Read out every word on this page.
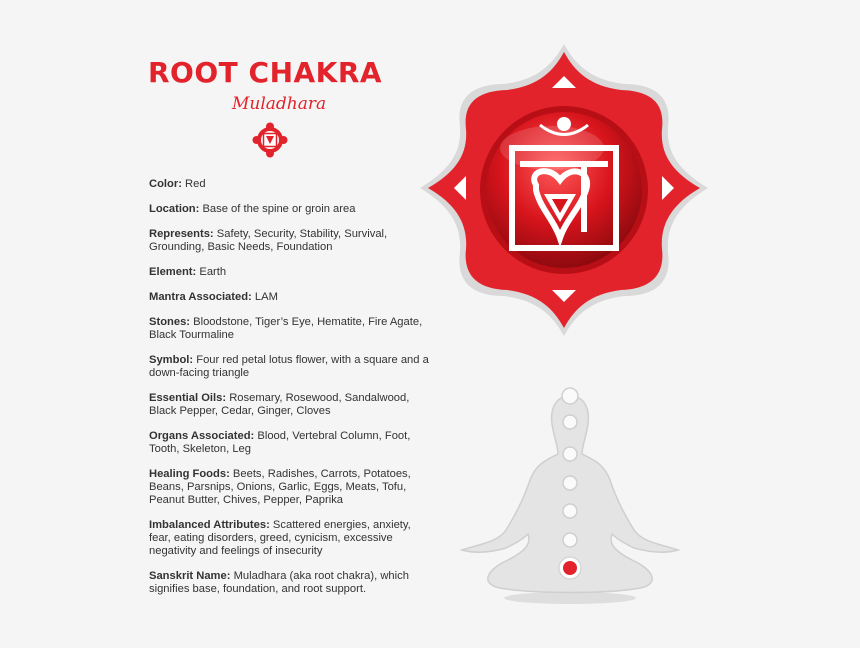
ROOT CHAKRA
Muladhara
Color: Red
Location: Base of the spine or groin area
Represents: Safety, Security, Stability, Survival, Grounding, Basic Needs, Foundation
Element: Earth
Mantra Associated: LAM
Stones: Bloodstone, Tiger’s Eye, Hematite, Fire Agate, Black Tourmaline
Symbol: Four red petal lotus flower, with a square and a down-facing triangle
Essential Oils: Rosemary, Rosewood, Sandalwood, Black Pepper, Cedar, Ginger, Cloves
Organs Associated: Blood, Vertebral Column, Foot, Tooth, Skeleton, Leg
Healing Foods: Beets, Radishes, Carrots, Potatoes, Beans, Parsnips, Onions, Garlic, Eggs, Meats, Tofu, Peanut Butter, Chives, Pepper, Paprika
Imbalanced Attributes: Scattered energies, anxiety, fear, eating disorders, greed, cynicism, excessive negativity and feelings of insecurity
Sanskrit Name: Muladhara (aka root chakra), which signifies base, foundation, and root support.
